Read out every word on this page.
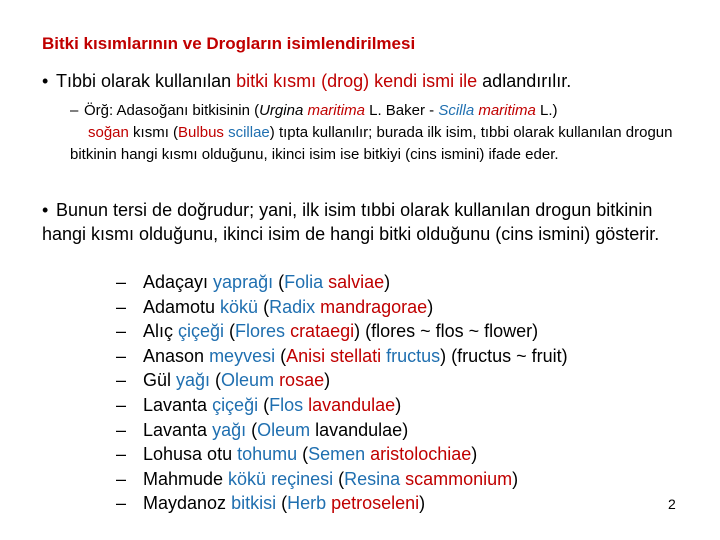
Bitki kısımlarının ve Drogların isimlendirilmesi
• Tıbbi olarak kullanılan bitki kısmı (drog) kendi ismi ile adlandırılır.
– Örğ: Adasoğanı bitkisinin (Urgina maritima L. Baker - Scilla maritima L.)
soğan kısmı (Bulbus scillae) tıpta kullanılır; burada ilk isim, tıbbi olarak kullanılan drogun bitkinin hangi kısmı olduğunu, ikinci isim ise bitkiyi (cins ismini) ifade eder.
• Bunun tersi de doğrudur; yani, ilk isim tıbbi olarak kullanılan drogun bitkinin hangi kısmı olduğunu, ikinci isim de hangi bitki olduğunu (cins ismini) gösterir.
– Adaçayı yaprağı (Folia salviae)
– Adamotu kökü (Radix mandragorae)
– Alıç çiçeği (Flores crataegi) (flores ~ flos ~ flower)
– Anason meyvesi (Anisi stellati fructus) (fructus ~ fruit)
– Gül yağı (Oleum rosae)
– Lavanta çiçeği (Flos lavandulae)
– Lavanta yağı (Oleum lavandulae)
– Lohusa otu tohumu (Semen aristolochiae)
– Mahmude kökü reçinesi (Resina scammonium)
– Maydanoz bitkisi (Herb petroseleni)	2
